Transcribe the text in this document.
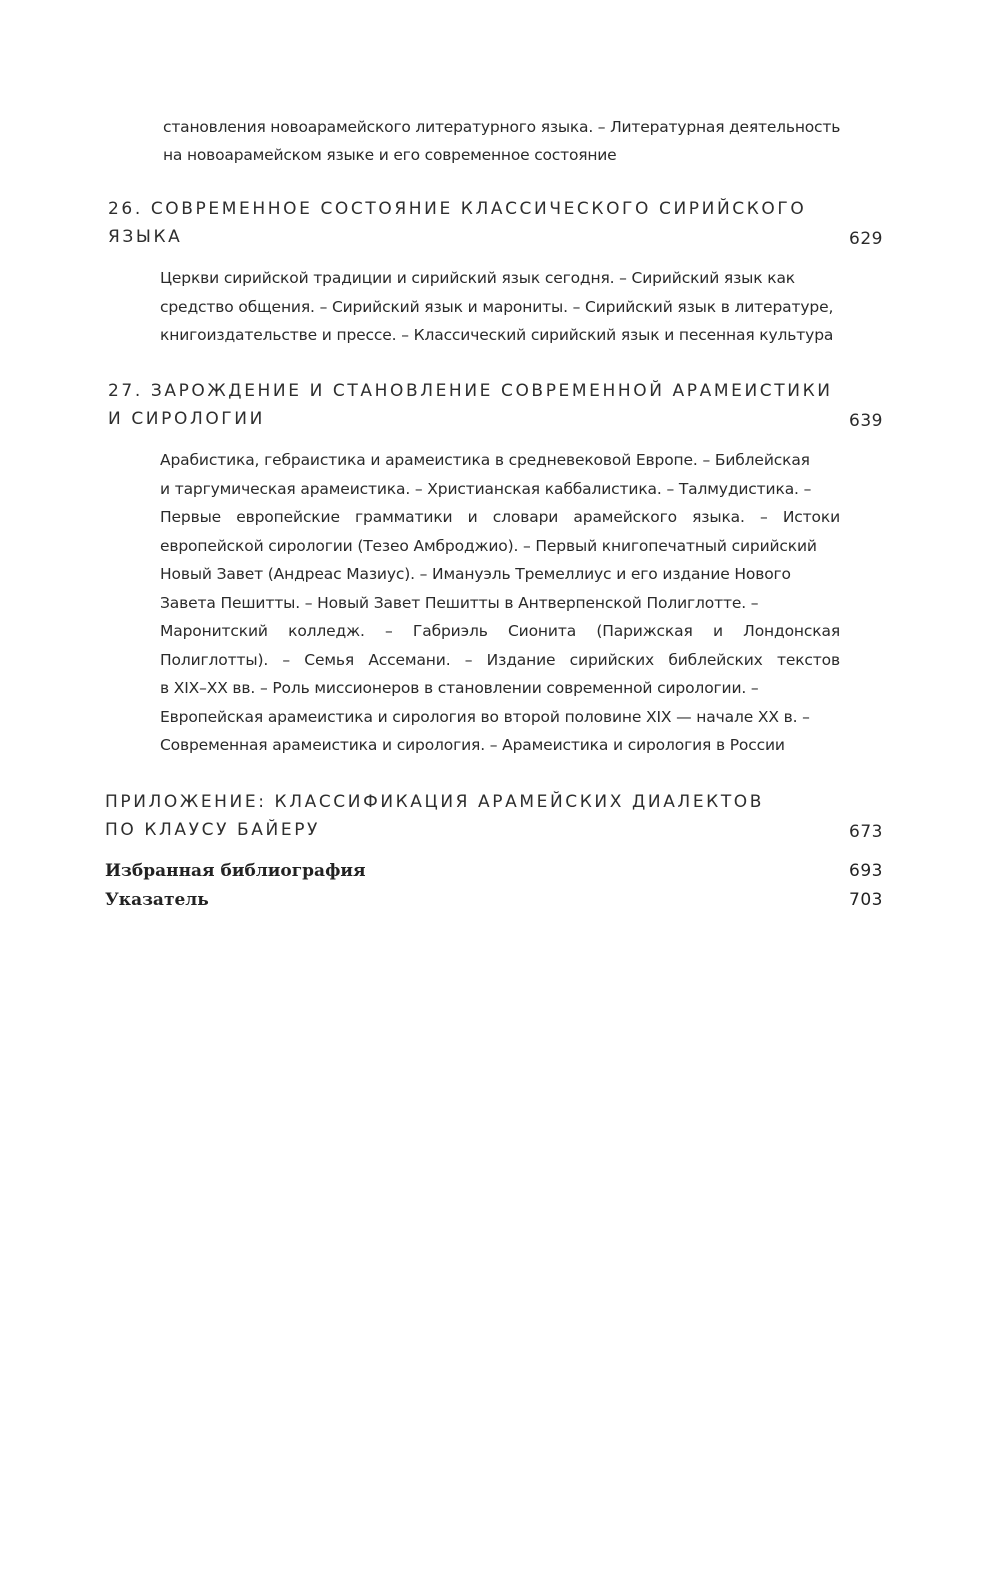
становления новоарамейского литературного языка. – Литературная деятельность
на новоарамейском языке и его современное состояние
26. СОВРЕМЕННОЕ СОСТОЯНИЕ КЛАССИЧЕСКОГО СИРИЙСКОГО
ЯЗЫКА	629
Церкви сирийской традиции и сирийский язык сегодня. – Сирийский язык как
средство общения. – Сирийский язык и марониты. – Сирийский язык в литературе,
книгоиздательстве и прессе. – Классический сирийский язык и песенная культура
27. ЗАРОЖДЕНИЕ И СТАНОВЛЕНИЕ СОВРЕМЕННОЙ АРАМЕИСТИКИ
И СИРОЛОГИИ	639
Арабистика, гебраистика и арамеистика в средневековой Европе. – Библейская
и таргумическая арамеистика. – Христианская каббалистика. – Талмудистика. –
Первые европейские грамматики и словари арамейского языка. – Истоки
европейской сирологии (Тезео Амброджио). – Первый книгопечатный сирийский
Новый Завет (Андреас Мазиус). – Имануэль Тремеллиус и его издание Нового
Завета Пешитты. – Новый Завет Пешитты в Антверпенской Полиглотте. –
Маронитский колледж. – Габриэль Сионита (Парижская и Лондонская
Полиглотты). – Семья Ассемани. – Издание сирийских библейских текстов
в XIX–XX вв. – Роль миссионеров в становлении современной сирологии. –
Европейская арамеистика и сирология во второй половине XIX — начале XX в. –
Современная арамеистика и сирология. – Арамеистика и сирология в России
ПРИЛОЖЕНИЕ: КЛАССИФИКАЦИЯ АРАМЕЙСКИХ ДИАЛЕКТОВ
ПО КЛАУСУ БАЙЕРУ	673
Избранная библиография	693
Указатель	703
